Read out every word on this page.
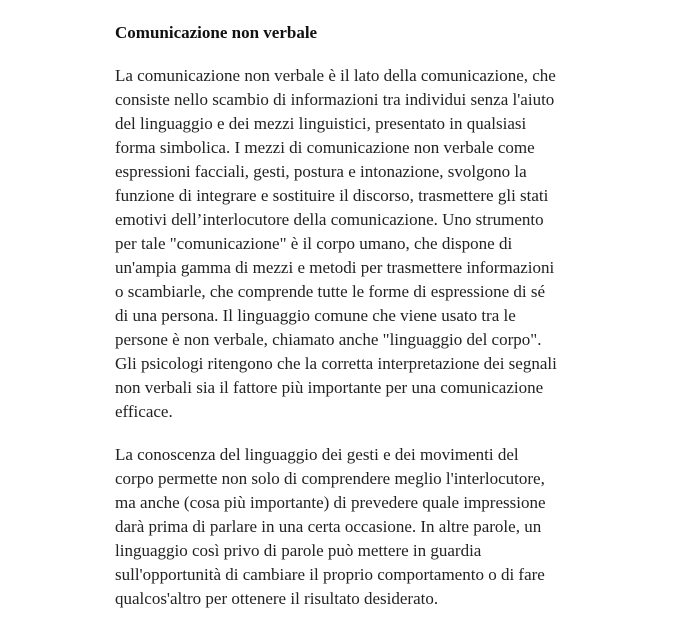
Comunicazione non verbale

La comunicazione non verbale è il lato della comunicazione, che
consiste nello scambio di informazioni tra individui senza l'aiuto
del linguaggio e dei mezzi linguistici, presentato in qualsiasi
forma simbolica. I mezzi di comunicazione non verbale come
espressioni facciali, gesti, postura e intonazione, svolgono la
funzione di integrare e sostituire il discorso, trasmettere gli stati
emotivi dell’interlocutore della comunicazione. Uno strumento
per tale "comunicazione" è il corpo umano, che dispone di
un'ampia gamma di mezzi e metodi per trasmettere informazioni
o scambiarle, che comprende tutte le forme di espressione di sé
di una persona. Il linguaggio comune che viene usato tra le
persone è non verbale, chiamato anche "linguaggio del corpo".
Gli psicologi ritengono che la corretta interpretazione dei segnali
non verbali sia il fattore più importante per una comunicazione
efficace.

La conoscenza del linguaggio dei gesti e dei movimenti del
corpo permette non solo di comprendere meglio l'interlocutore,
ma anche (cosa più importante) di prevedere quale impressione
darà prima di parlare in una certa occasione. In altre parole, un
linguaggio così privo di parole può mettere in guardia
sull'opportunità di cambiare il proprio comportamento o di fare
qualcos'altro per ottenere il risultato desiderato.
